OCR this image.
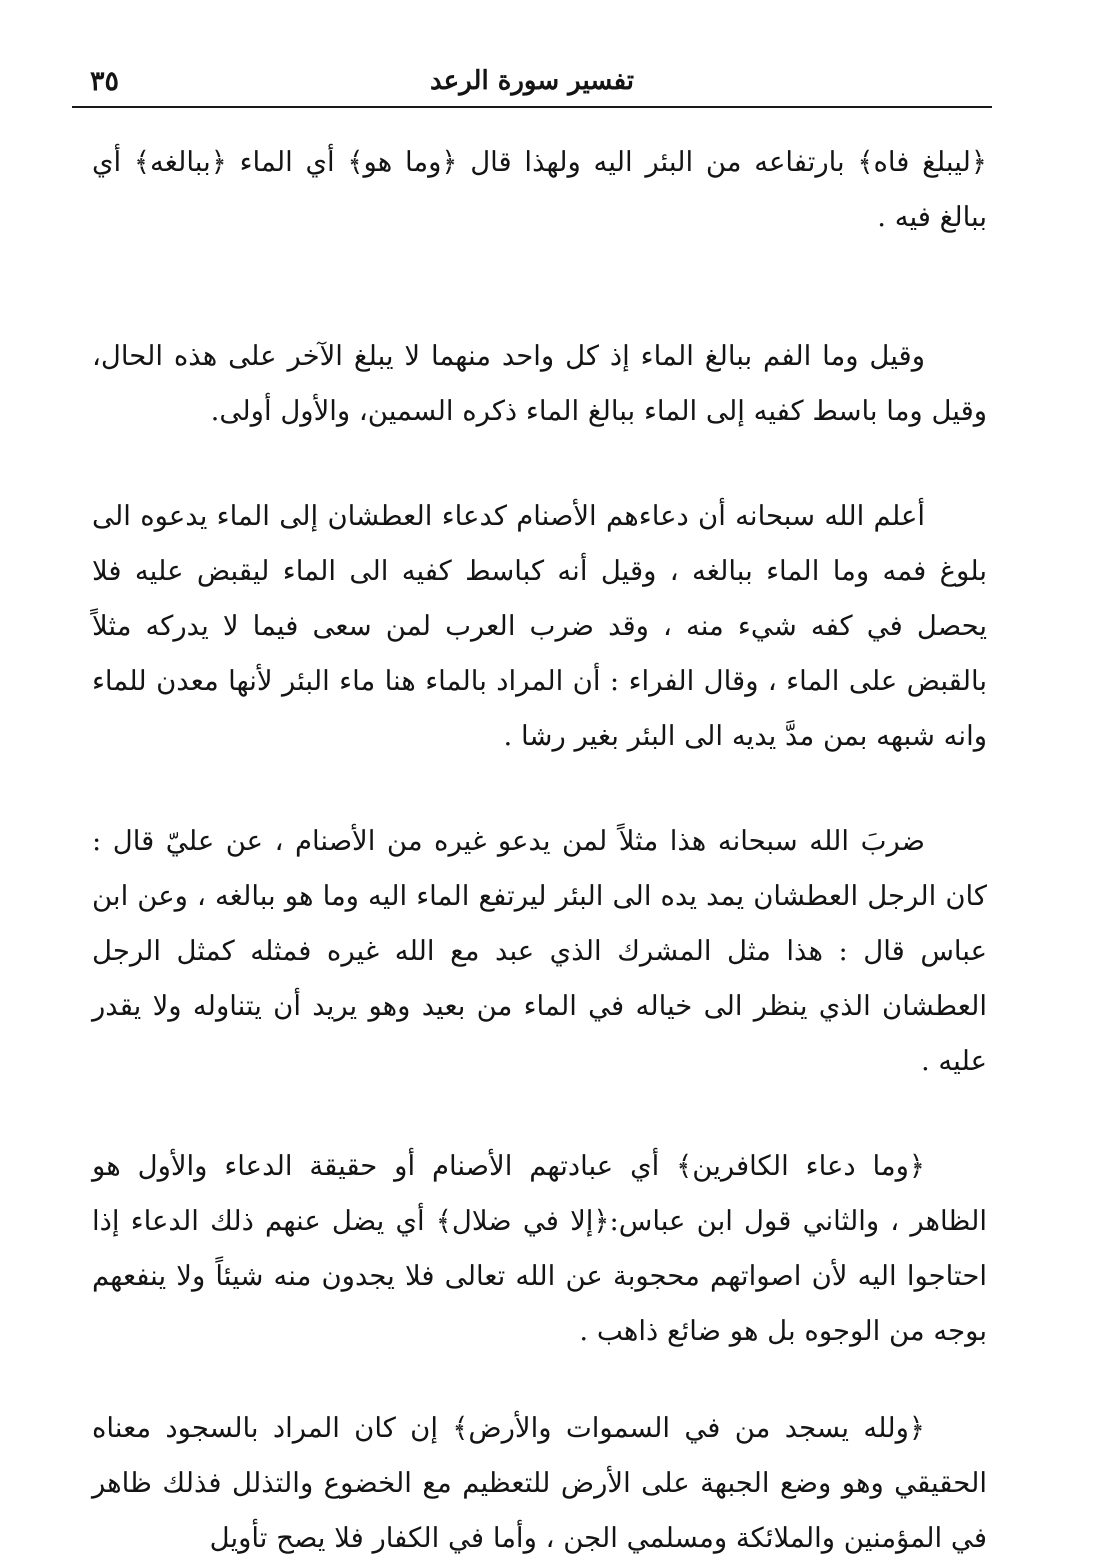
٣٥	تفسير سورة الرعد

﴿ليبلغ فاه﴾ بارتفاعه من البئر اليه ولهذا قال ﴿وما هو﴾ أي الماء ﴿ببالغه﴾ أي ببالغ فيه .

وقيل وما الفم ببالغ الماء إذ كل واحد منهما لا يبلغ الآخر على هذه الحال، وقيل وما باسط كفيه إلى الماء ببالغ الماء ذكره السمين، والأول أولى.

أعلم الله سبحانه أن دعاءهم الأصنام كدعاء العطشان إلى الماء يدعوه الى بلوغ فمه وما الماء ببالغه ، وقيل أنه كباسط كفيه الى الماء ليقبض عليه فلا يحصل في كفه شيء منه ، وقد ضرب العرب لمن سعى فيما لا يدركه مثلاً بالقبض على الماء ، وقال الفراء : أن المراد بالماء هنا ماء البئر لأنها معدن للماء وانه شبهه بمن مدَّ يديه الى البئر بغير رشا .

ضربَ الله سبحانه هذا مثلاً لمن يدعو غيره من الأصنام ، عن عليّ قال : كان الرجل العطشان يمد يده الى البئر ليرتفع الماء اليه وما هو ببالغه ، وعن ابن عباس قال : هذا مثل المشرك الذي عبد مع الله غيره فمثله كمثل الرجل العطشان الذي ينظر الى خياله في الماء من بعيد وهو يريد أن يتناوله ولا يقدر عليه .

﴿وما دعاء الكافرين﴾ أي عبادتهم الأصنام أو حقيقة الدعاء والأول هو الظاهر ، والثاني قول ابن عباس:﴿إلا في ضلال﴾ أي يضل عنهم ذلك الدعاء إذا احتاجوا اليه لأن اصواتهم محجوبة عن الله تعالى فلا يجدون منه شيئاً ولا ينفعهم بوجه من الوجوه بل هو ضائع ذاهب .

﴿ولله يسجد من في السموات والأرض﴾ إن كان المراد بالسجود معناه الحقيقي وهو وضع الجبهة على الأرض للتعظيم مع الخضوع والتذلل فذلك ظاهر في المؤمنين والملائكة ومسلمي الجن ، وأما في الكفار فلا يصح تأويل
